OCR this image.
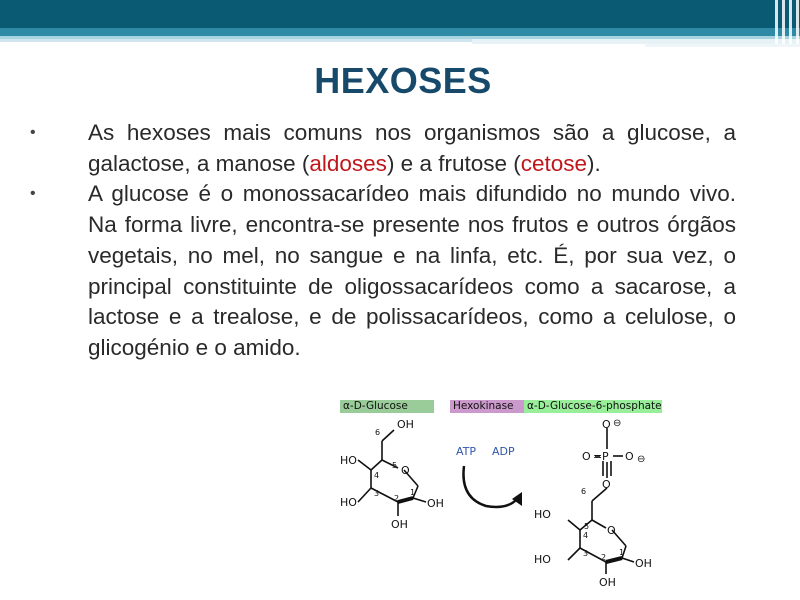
HEXOSES
•	As hexoses mais comuns nos organismos são a glucose, a galactose, a manose (aldoses) e a frutose (cetose).
•	A glucose é o monossacarídeo mais difundido no mundo vivo. Na forma livre, encontra-se presente nos frutos e outros órgãos vegetais, no mel, no sangue e na linfa, etc. É, por sua vez, o principal constituinte de oligossacarídeos como a sacarose, a lactose e a trealose, e de polissacarídeos, como a celulose, o glicogénio e o amido.
α-D-Glucose	Hexokinase	α-D-Glucose-6-phosphate
6
OH
5 O
HO
4
HO
3
2
1
OH
OH
ATP ADP
O ⊖
O = P O ⊖
O
6
5 O
HO
4
HO	3 2
1
OH
OH
